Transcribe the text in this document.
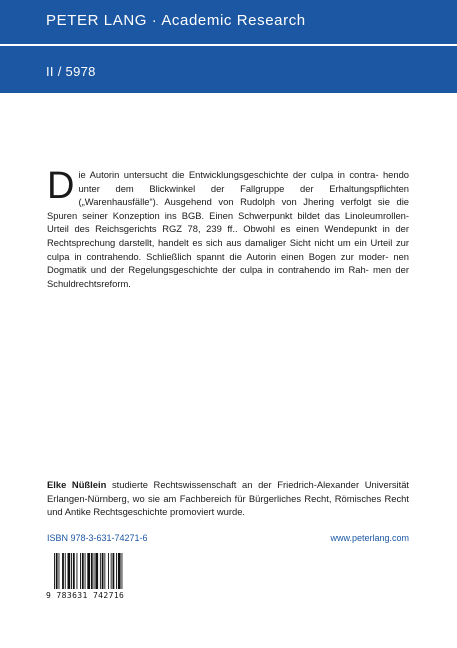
PETER LANG · Academic Research
II / 5978
D ie Autorin untersucht die Entwicklungsgeschichte der culpa in contra- hendo unter dem Blickwinkel der Fallgruppe der Erhaltungspflichten („Warenhausfälle“). Ausgehend von Rudolph von Jhering verfolgt sie die Spuren seiner Konzeption ins BGB. Einen Schwerpunkt bildet das Linoleumrollen- Urteil des Reichsgerichts RGZ 78, 239 ff.. Obwohl es einen Wendepunkt in der Rechtsprechung darstellt, handelt es sich aus damaliger Sicht nicht um ein Urteil zur culpa in contrahendo. Schließlich spannt die Autorin einen Bogen zur moder- nen Dogmatik und der Regelungsgeschichte der culpa in contrahendo im Rah- men der Schuldrechtsreform.
Elke Nüßlein studierte Rechtswissenschaft an der Friedrich-Alexander Universität Erlangen-Nürnberg, wo sie am Fachbereich für Bürgerliches Recht, Römisches Recht und Antike Rechtsgeschichte promoviert wurde.
ISBN 978-3-631-74271-6	www.peterlang.com
9 783631 742716
